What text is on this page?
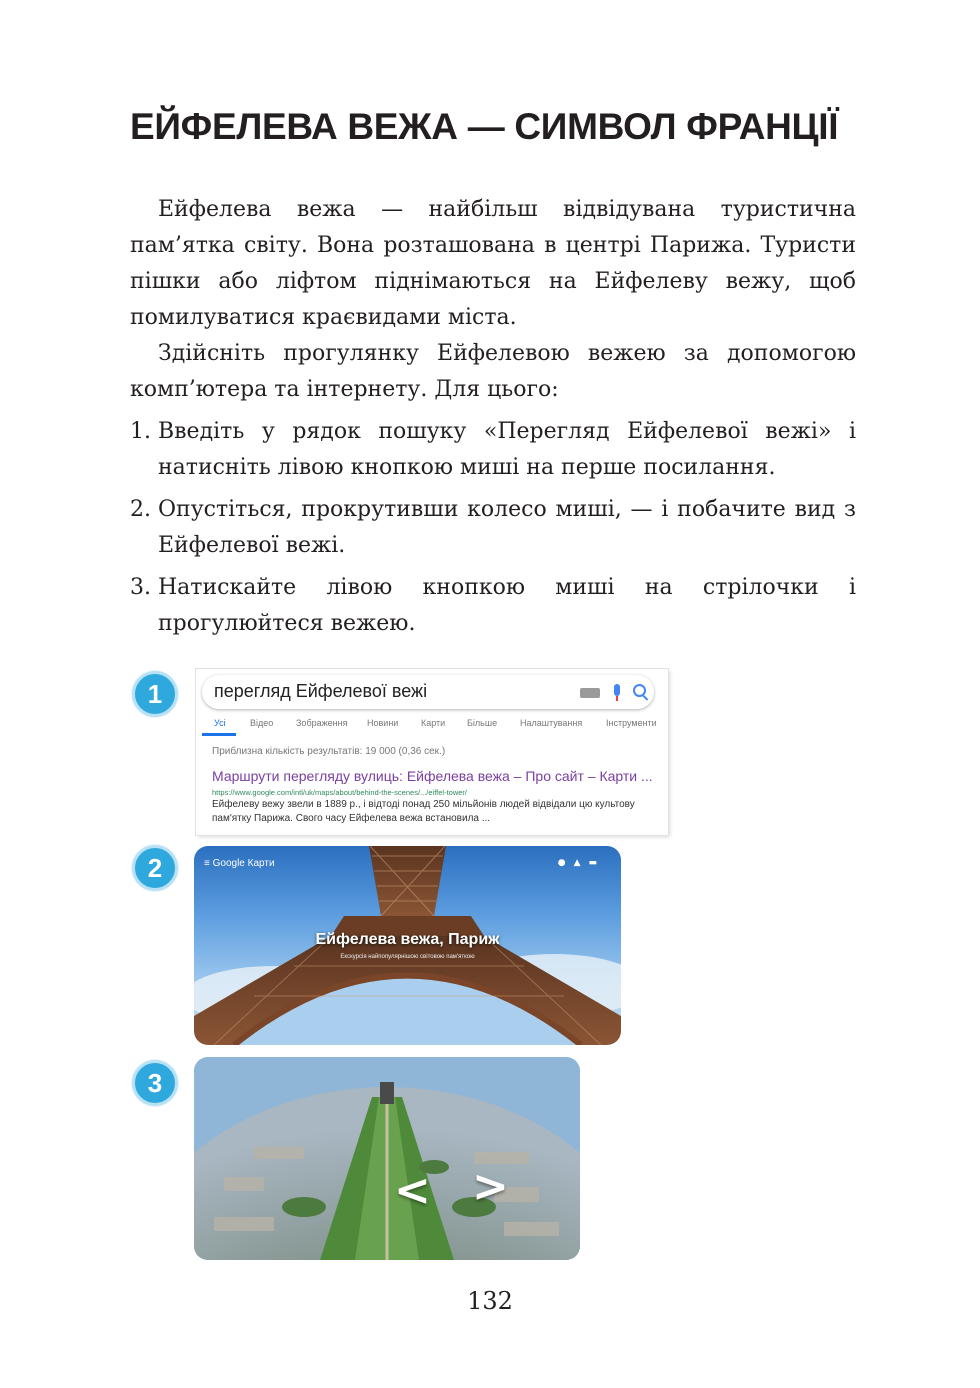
ЕЙФЕЛЕВА ВЕЖА — СИМВОЛ ФРАНЦІЇ
Ейфелева вежа — найбільш відвідувана туристична пам’ятка світу. Вона розташована в центрі Парижа. Туристи пішки або ліфтом піднімаються на Ейфелеву вежу, щоб помилуватися краєвидами міста.
Здійсніть прогулянку Ейфелевою вежею за допомогою комп’ютера та інтернету. Для цього:
1. Введіть у рядок пошуку «Перегляд Ейфелевої вежі» і натисніть лівою кнопкою миші на перше посилання.
2. Опустіться, прокрутивши колесо миші, — і побачите вид з Ейфелевої вежі.
3. Натискайте лівою кнопкою миші на стрілочки і прогулюйтеся вежею.
1
2
3
перегляд Ейфелевої вежі
Усі	Відео	Зображення Новини	Карти Більше	Налаштування	Інструменти
Приблизна кількість результатів: 19 000 (0,36 сек.)
Маршрути перегляду вулиць: Ейфелева вежа – Про сайт – Карти ...
https://www.google.com/intl/uk/maps/about/behind-the-scenes/.../eiffel-tower/
Ейфелеву вежу звели в 1889 р., і відтоді понад 250 мільйонів людей відвідали цю культову пам'ятку Парижа. Свого часу Ейфелева вежа встановила ...
≡ Google Карти	●▲▬
Ейфелева вежа, Париж
Екскурсія найпопулярнішою світовою пам'яткою
< >
132
